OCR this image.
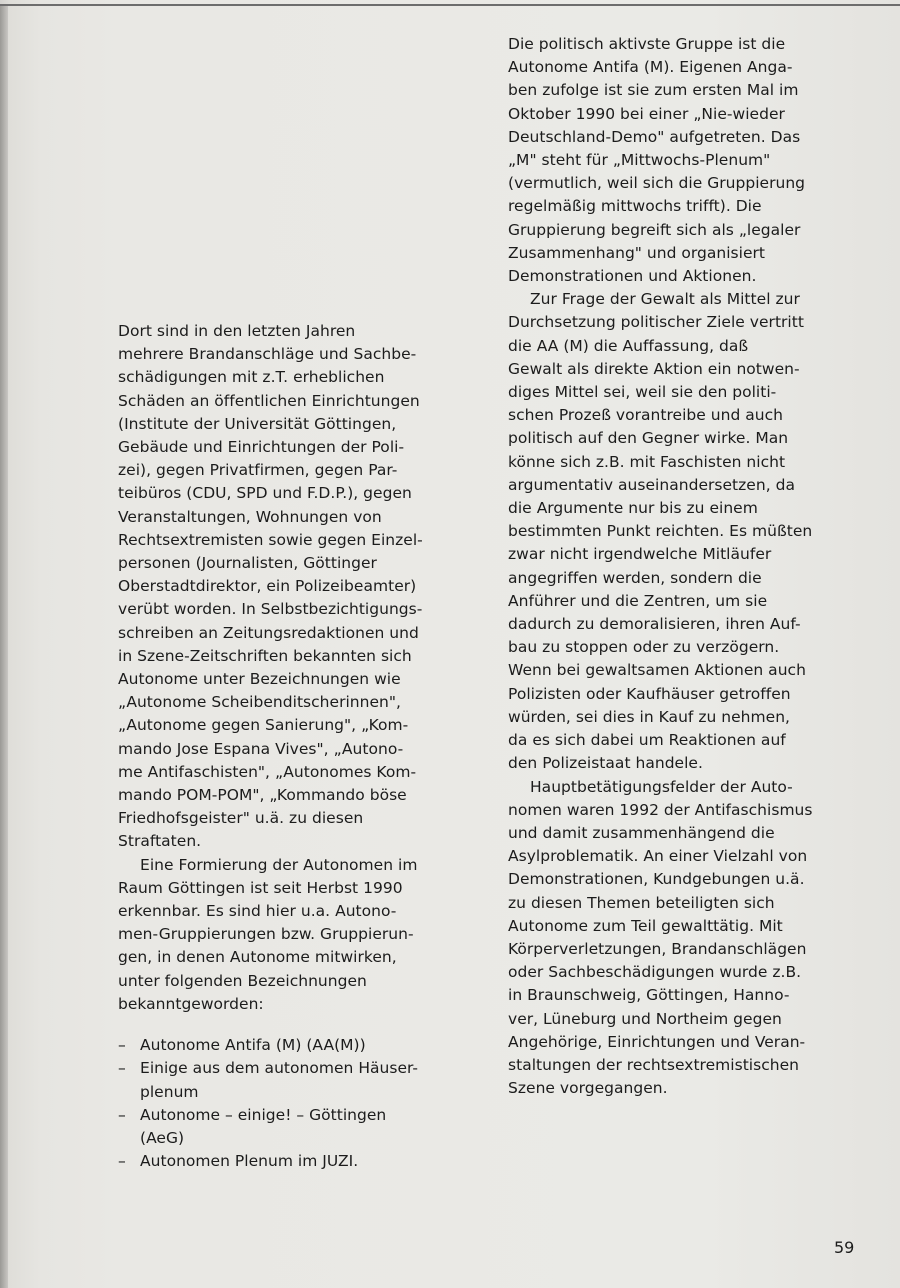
Dort sind in den letzten Jahren
mehrere Brandanschläge und Sachbe-
schädigungen mit z.T. erheblichen
Schäden an öffentlichen Einrichtungen
(Institute der Universität Göttingen,
Gebäude und Einrichtungen der Poli-
zei), gegen Privatfirmen, gegen Par-
teibüros (CDU, SPD und F.D.P.), gegen
Veranstaltungen, Wohnungen von
Rechtsextremisten sowie gegen Einzel-
personen (Journalisten, Göttinger
Oberstadtdirektor, ein Polizeibeamter)
verübt worden. In Selbstbezichtigungs-
schreiben an Zeitungsredaktionen und
in Szene-Zeitschriften bekannten sich
Autonome unter Bezeichnungen wie
„Autonome Scheibenditscherinnen",
„Autonome gegen Sanierung", „Kom-
mando Jose Espana Vives", „Autono-
me Antifaschisten", „Autonomes Kom-
mando POM-POM", „Kommando böse
Friedhofsgeister" u.ä. zu diesen
Straftaten.

Eine Formierung der Autonomen im
Raum Göttingen ist seit Herbst 1990
erkennbar. Es sind hier u.a. Autono-
men-Gruppierungen bzw. Gruppierun-
gen, in denen Autonome mitwirken,
unter folgenden Bezeichnungen
bekanntgeworden:

– Autonome Antifa (M) (AA(M))
– Einige aus dem autonomen Häuser-
plenum
– Autonome – einige! – Göttingen
(AeG)
– Autonomen Plenum im JUZI.

Die politisch aktivste Gruppe ist die
Autonome Antifa (M). Eigenen Anga-
ben zufolge ist sie zum ersten Mal im
Oktober 1990 bei einer „Nie-wieder
Deutschland-Demo" aufgetreten. Das
„M" steht für „Mittwochs-Plenum"
(vermutlich, weil sich die Gruppierung
regelmäßig mittwochs trifft). Die
Gruppierung begreift sich als „legaler
Zusammenhang" und organisiert
Demonstrationen und Aktionen.

Zur Frage der Gewalt als Mittel zur
Durchsetzung politischer Ziele vertritt
die AA (M) die Auffassung, daß
Gewalt als direkte Aktion ein notwen-
diges Mittel sei, weil sie den politi-
schen Prozeß vorantreibe und auch
politisch auf den Gegner wirke. Man
könne sich z.B. mit Faschisten nicht
argumentativ auseinandersetzen, da
die Argumente nur bis zu einem
bestimmten Punkt reichten. Es müßten
zwar nicht irgendwelche Mitläufer
angegriffen werden, sondern die
Anführer und die Zentren, um sie
dadurch zu demoralisieren, ihren Auf-
bau zu stoppen oder zu verzögern.
Wenn bei gewaltsamen Aktionen auch
Polizisten oder Kaufhäuser getroffen
würden, sei dies in Kauf zu nehmen,
da es sich dabei um Reaktionen auf
den Polizeistaat handele.

Hauptbetätigungsfelder der Auto-
nomen waren 1992 der Antifaschismus
und damit zusammenhängend die
Asylproblematik. An einer Vielzahl von
Demonstrationen, Kundgebungen u.ä.
zu diesen Themen beteiligten sich
Autonome zum Teil gewalttätig. Mit
Körperverletzungen, Brandanschlägen
oder Sachbeschädigungen wurde z.B.
in Braunschweig, Göttingen, Hanno-
ver, Lüneburg und Northeim gegen
Angehörige, Einrichtungen und Veran-
staltungen der rechtsextremistischen
Szene vorgegangen.

59
